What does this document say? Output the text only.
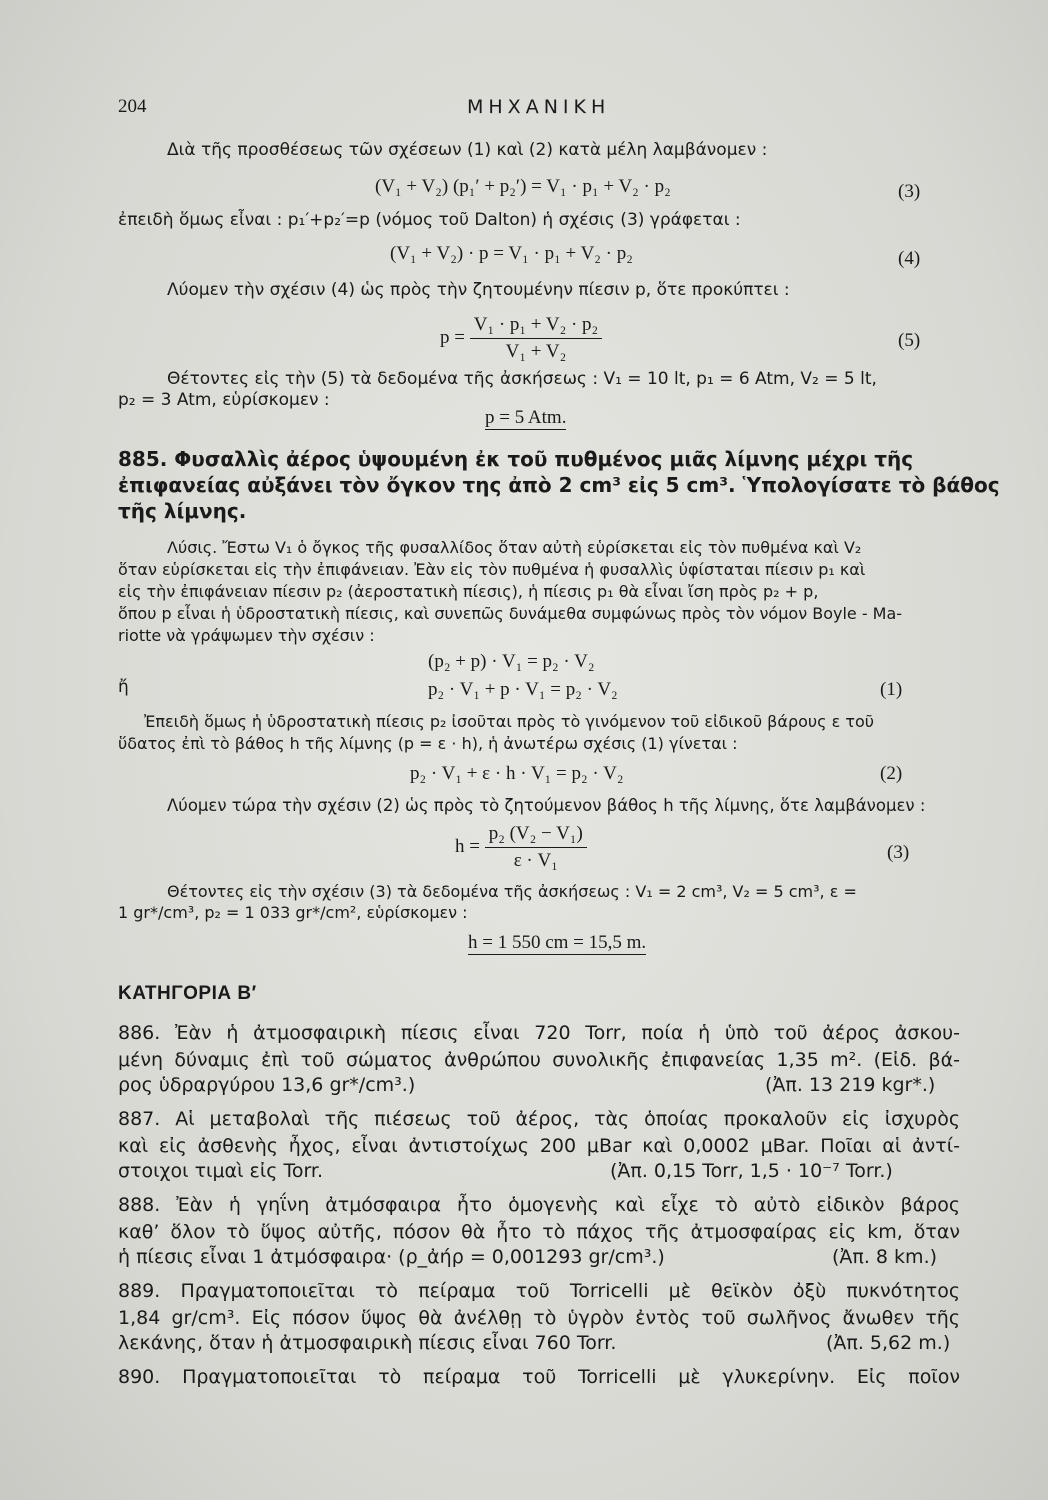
204	ΜΗΧΑΝΙΚΗ
Διὰ τῆς προσθέσεως τῶν σχέσεων (1) καὶ (2) κατὰ μέλη λαμβάνομεν :
(V₁ + V₂) (p₁′ + p₂′) = V₁ · p₁ + V₂ · p₂	(3)
ἐπειδὴ ὅμως εἶναι : p₁′+p₂′=p (νόμος τοῦ Dalton) ἡ σχέσις (3) γράφεται :
(V₁ + V₂) · p = V₁ · p₁ + V₂ · p₂	(4)
Λύομεν τὴν σχέσιν (4) ὡς πρὸς τὴν ζητουμένην πίεσιν p, ὅτε προκύπτει :
$p = \frac{\text{V₁ · p₁ + V₂ · p₂}}{\text{V₁ + V₂}}$	(5)
Θέτοντες εἰς τὴν (5) τὰ δεδομένα τῆς ἀσκήσεως : V₁ = 10 lt, p₁ = 6 Atm, V₂ = 5 lt,
p₂ = 3 Atm, εὑρίσκομεν :
p = 5 Atm.
885. Φυσαλλὶς ἀέρος ὑψουμένη ἐκ τοῦ πυθμένος μιᾶς λίμνης μέχρι τῆς
ἐπιφανείας αὐξάνει τὸν ὄγκον της ἀπὸ 2 cm³ εἰς 5 cm³. Ὑπολογίσατε τὸ βάθος
τῆς λίμνης.
Λύσις. Ἔστω V₁ ὁ ὄγκος τῆς φυσαλλίδος ὅταν αὐτὴ εὑρίσκεται εἰς τὸν πυθμένα καὶ V₂
ὅταν εὑρίσκεται εἰς τὴν ἐπιφάνειαν. Ἐὰν εἰς τὸν πυθμένα ἡ φυσαλλὶς ὑφίσταται πίεσιν p₁ καὶ
εἰς τὴν ἐπιφάνειαν πίεσιν p₂ (ἀεροστατικὴ πίεσις), ἡ πίεσις p₁ θὰ εἶναι ἴση πρὸς p₂ + p,
ὅπου p εἶναι ἡ ὑδροστατικὴ πίεσις, καὶ συνεπῶς δυνάμεθα συμφώνως πρὸς τὸν νόμον Boyle - Ma-
riotte νὰ γράψωμεν τὴν σχέσιν :
(p₂ + p) · V₁ = p₂ · V₂
ἤ	p₂ · V₁ + p · V₁ = p₂ · V₂	(1)
Ἐπειδὴ ὅμως ἡ ὑδροστατικὴ πίεσις p₂ ἰσοῦται πρὸς τὸ γινόμενον τοῦ εἰδικοῦ βάρους ε τοῦ
ὕδατος ἐπὶ τὸ βάθος h τῆς λίμνης (p = ε · h), ἡ ἀνωτέρω σχέσις (1) γίνεται :
p₂ · V₁ + ε · h · V₁ = p₂ · V₂	(2)
Λύομεν τώρα τὴν σχέσιν (2) ὡς πρὸς τὸ ζητούμενον βάθος h τῆς λίμνης, ὅτε λαμβάνομεν :
$h = \frac{\text{p₂ (V₂ − V₁)}}{\text{ε · V₁}}$	(3)
Θέτοντες εἰς τὴν σχέσιν (3) τὰ δεδομένα τῆς ἀσκήσεως : V₁ = 2 cm³, V₂ = 5 cm³, ε =
1 gr*/cm³, p₂ = 1 033 gr*/cm², εὑρίσκομεν :
h = 1 550 cm = 15,5 m.
ΚΑΤΗΓΟΡΙΑ Β′
886. Ἐὰν ἡ ἀτμοσφαιρικὴ πίεσις εἶναι 720 Torr, ποία ἡ ὑπὸ τοῦ ἀέρος ἀσκου-
μένη δύναμις ἐπὶ τοῦ σώματος ἀνθρώπου συνολικῆς ἐπιφανείας 1,35 m². (Εἰδ. βά-
ρος ὑδραργύρου 13,6 gr*/cm³.)	(Ἀπ. 13 219 kgr*.)
887. Αἱ μεταβολαὶ τῆς πιέσεως τοῦ ἀέρος, τὰς ὁποίας προκαλοῦν εἰς ἰσχυρὸς
καὶ εἰς ἀσθενὴς ἦχος, εἶναι ἀντιστοίχως 200 μBar καὶ 0,0002 μBar. Ποῖαι αἱ ἀντί-
στοιχοι τιμαὶ εἰς Torr.	(Ἀπ. 0,15 Torr, 1,5 · 10⁻⁷ Torr.)
888. Ἐὰν ἡ γηΐνη ἀτμόσφαιρα ἦτο ὁμογενὴς καὶ εἶχε τὸ αὐτὸ εἰδικὸν βάρος
καθ’ ὅλον τὸ ὕψος αὐτῆς, πόσον θὰ ἦτο τὸ πάχος τῆς ἀτμοσφαίρας εἰς km, ὅταν
ἡ πίεσις εἶναι 1 ἀτμόσφαιρα· (ρ_ἀήρ = 0,001293 gr/cm³.)	(Ἀπ. 8 km.)
889. Πραγματοποιεῖται τὸ πείραμα τοῦ Torricelli μὲ θεϊκὸν ὀξὺ πυκνότητος
1,84 gr/cm³. Εἰς πόσον ὕψος θὰ ἀνέλθῃ τὸ ὑγρὸν ἐντὸς τοῦ σωλῆνος ἄνωθεν τῆς
λεκάνης, ὅταν ἡ ἀτμοσφαιρικὴ πίεσις εἶναι 760 Torr.	(Ἀπ. 5,62 m.)
890. Πραγματοποιεῖται τὸ πείραμα τοῦ Torricelli μὲ γλυκερίνην. Εἰς ποῖον
